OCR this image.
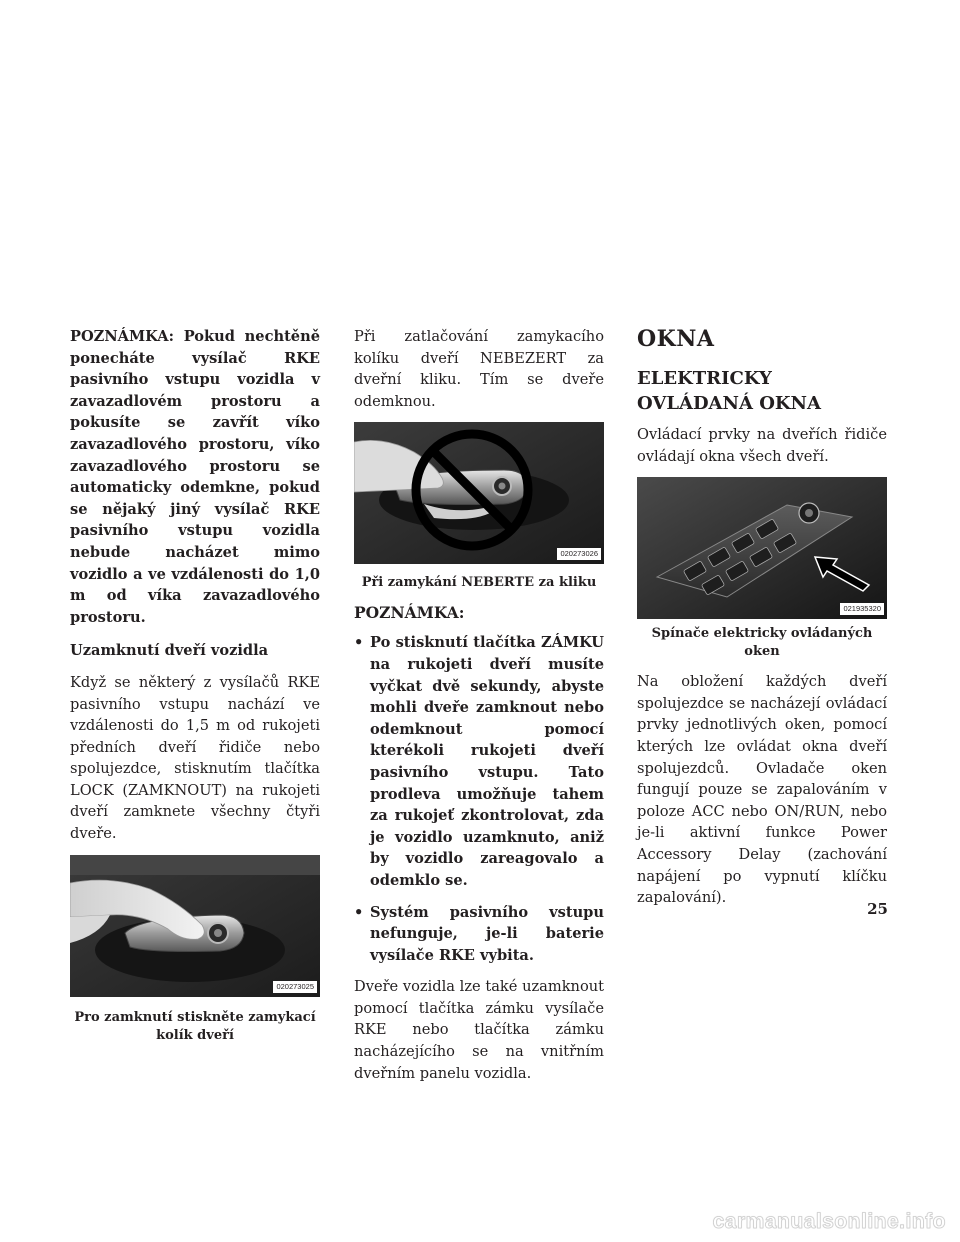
POZNÁMKA: Pokud nechtěně ponecháte vysílač RKE pasivního vstupu vozidla v zavazadlovém prostoru a pokusíte se zavřít víko zavazadlového prostoru, víko zavazadlového prostoru se automaticky odemkne, pokud se nějaký jiný vysílač RKE pasivního vstupu vozidla nebude nacházet mimo vozidlo a ve vzdálenosti do 1,0 m od víka zavazadlového prostoru.

Uzamknutí dveří vozidla

Když se některý z vysílačů RKE pasivního vstupu nachází ve vzdálenosti do 1,5 m od rukojeti předních dveří řidiče nebo spolujezdce, stisknutím tlačítka LOCK (ZAMKNOUT) na rukojeti dveří zamknete všechny čtyři dveře.

020273025

Pro zamknutí stiskněte zamykací kolík dveří

Při zatlačování zamykacího kolíku dveří NEBEZERT za dveřní kliku. Tím se dveře odemknou.

020273026

Při zamykání NEBERTE za kliku

POZNÁMKA:
• Po stisknutí tlačítka ZÁMKU na rukojeti dveří musíte vyčkat dvě sekundy, abyste mohli dveře zamknout nebo odemknout pomocí kterékoli rukojeti dveří pasivního vstupu. Tato prodleva umožňuje tahem za rukojeť zkontrolovat, zda je vozidlo uzamknuto, aniž by vozidlo zareagovalo a odemklo se.
• Systém pasivního vstupu nefunguje, je-li baterie vysílače RKE vybita.

Dveře vozidla lze také uzamknout pomocí tlačítka zámku vysílače RKE nebo tlačítka zámku nacházejícího se na vnitřním dveřním panelu vozidla.

OKNA
ELEKTRICKY OVLÁDANÁ OKNA

Ovládací prvky na dveřích řidiče ovládají okna všech dveří.

021935320

Spínače elektricky ovládaných oken

Na obložení každých dveří spolujezdce se nacházejí ovládací prvky jednotlivých oken, pomocí kterých lze ovládat okna dveří spolujezdců. Ovladače oken fungují pouze se zapalováním v poloze ACC nebo ON/RUN, nebo je-li aktivní funkce Power Accessory Delay (zachování napájení po vypnutí klíčku zapalování).

25
carmanualsonline.info
